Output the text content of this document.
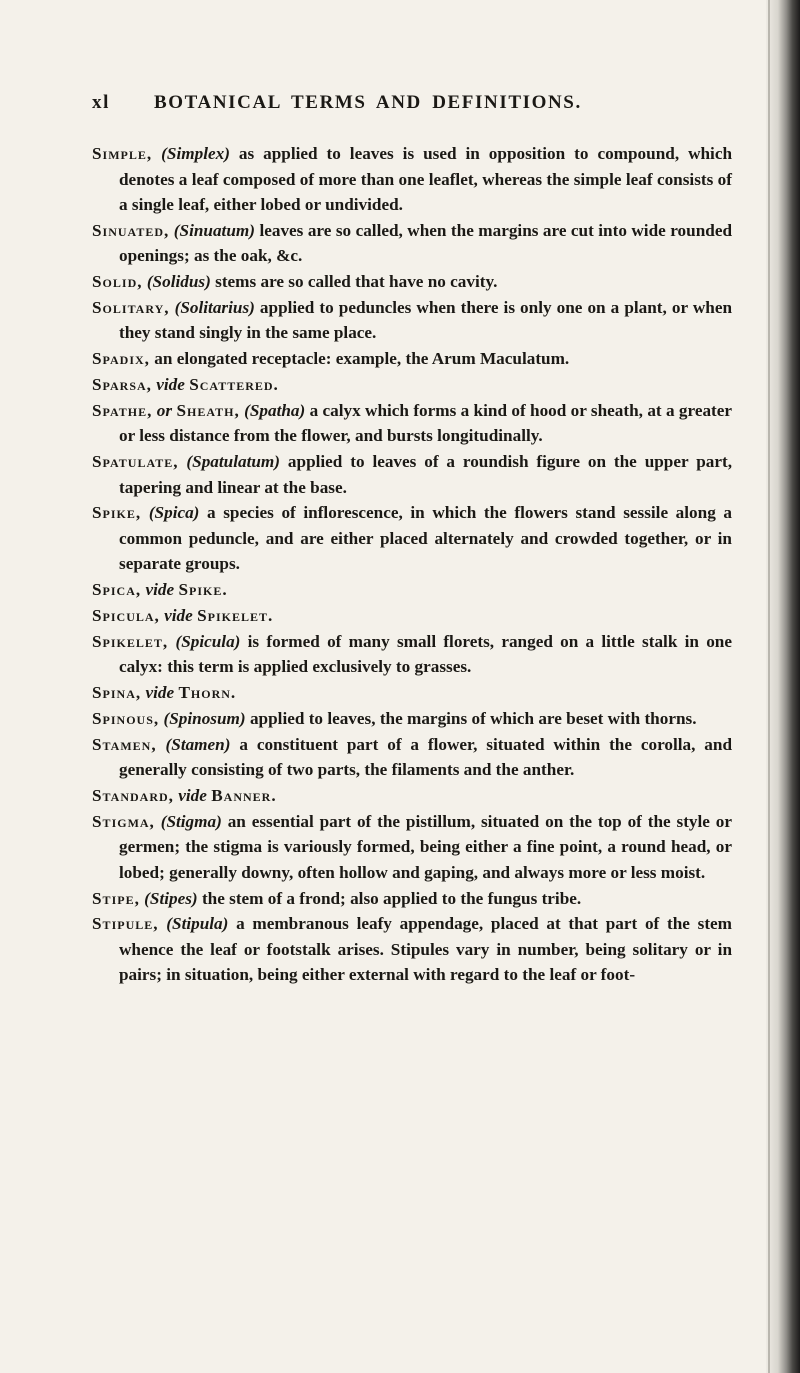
xl BOTANICAL TERMS AND DEFINITIONS.

Simple, (Simplex) as applied to leaves is used in opposition to compound, which denotes a leaf composed of more than one leaflet, whereas the simple leaf consists of a single leaf, either lobed or undivided.

Sinuated, (Sinuatum) leaves are so called, when the margins are cut into wide rounded openings; as the oak, &c.

Solid, (Solidus) stems are so called that have no cavity.

Solitary, (Solitarius) applied to peduncles when there is only one on a plant, or when they stand singly in the same place.

Spadix, an elongated receptacle: example, the Arum Maculatum.

Sparsa, vide Scattered.

Spathe, or Sheath, (Spatha) a calyx which forms a kind of hood or sheath, at a greater or less distance from the flower, and bursts longitudinally.

Spatulate, (Spatulatum) applied to leaves of a roundish figure on the upper part, tapering and linear at the base.

Spike, (Spica) a species of inflorescence, in which the flowers stand sessile along a common peduncle, and are either placed alternately and crowded together, or in separate groups.

Spica, vide Spike.

Spicula, vide Spikelet.

Spikelet, (Spicula) is formed of many small florets, ranged on a little stalk in one calyx: this term is applied exclusively to grasses.

Spina, vide Thorn.

Spinous, (Spinosum) applied to leaves, the margins of which are beset with thorns.

Stamen, (Stamen) a constituent part of a flower, situated within the corolla, and generally consisting of two parts, the filaments and the anther.

Standard, vide Banner.

Stigma, (Stigma) an essential part of the pistillum, situated on the top of the style or germen; the stigma is variously formed, being either a fine point, a round head, or lobed; generally downy, often hollow and gaping, and always more or less moist.

Stipe, (Stipes) the stem of a frond; also applied to the fungus tribe.

Stipule, (Stipula) a membranous leafy appendage, placed at that part of the stem whence the leaf or footstalk arises. Stipules vary in number, being solitary or in pairs; in situation, being either external with regard to the leaf or foot-
